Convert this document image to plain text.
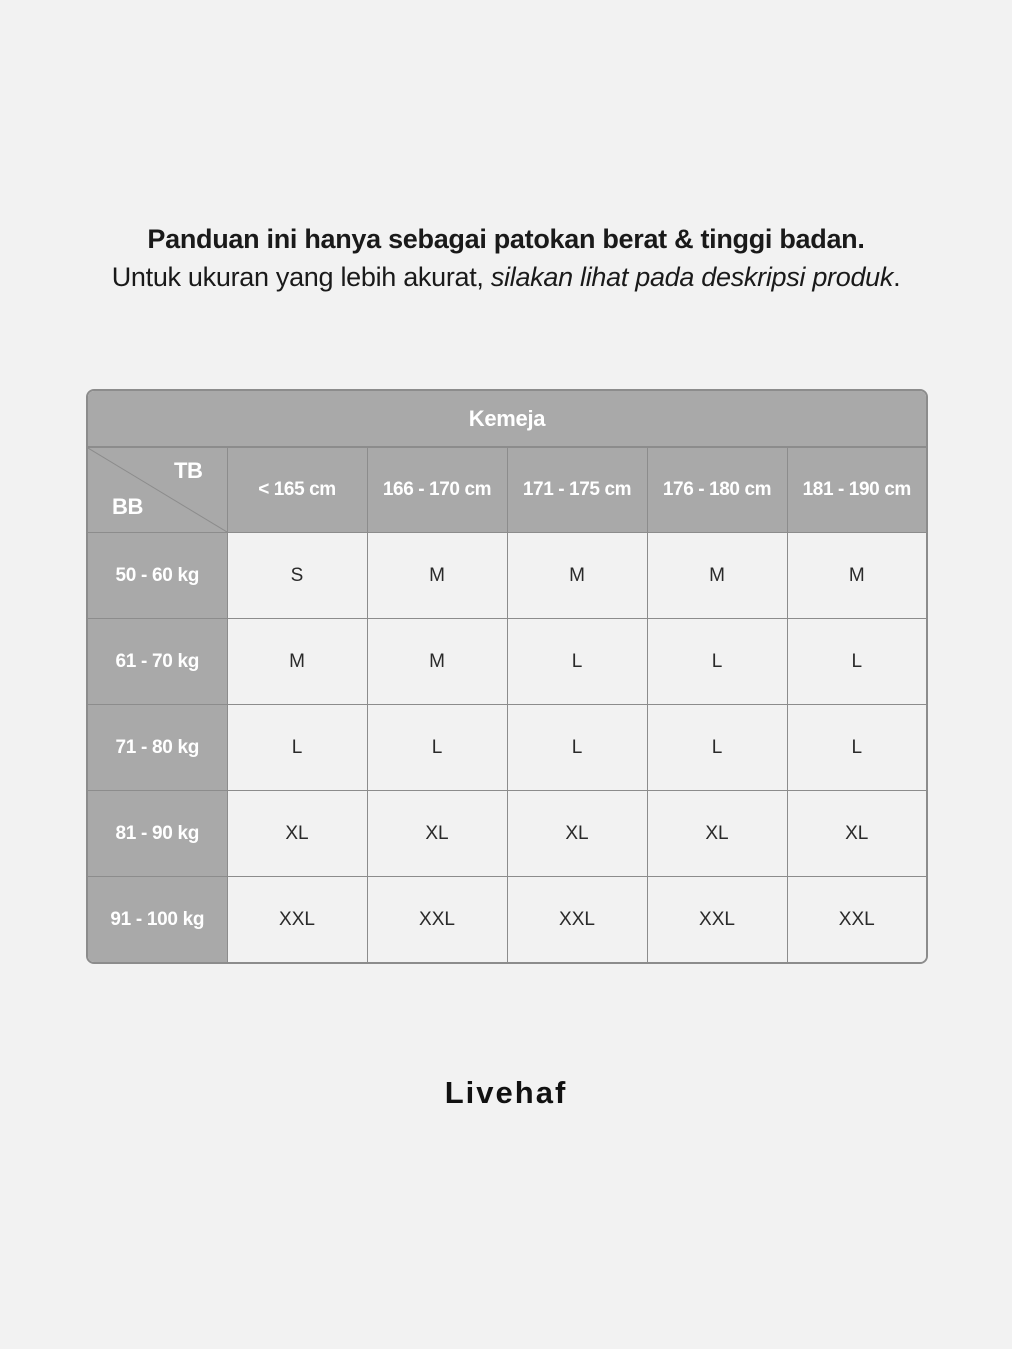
Panduan ini hanya sebagai patokan berat & tinggi badan.
Untuk ukuran yang lebih akurat, silakan lihat pada deskripsi produk.
Kemeja
TB
BB	< 165 cm	166 - 170 cm	171 - 175 cm	176 - 180 cm	181 - 190 cm
50 - 60 kg	S	M	M	M	M
61 - 70 kg	M	M	L	L	L
71 - 80 kg	L	L	L	L	L
81 - 90 kg	XL	XL	XL	XL	XL
91 - 100 kg	XXL	XXL	XXL	XXL	XXL
Livehaf
